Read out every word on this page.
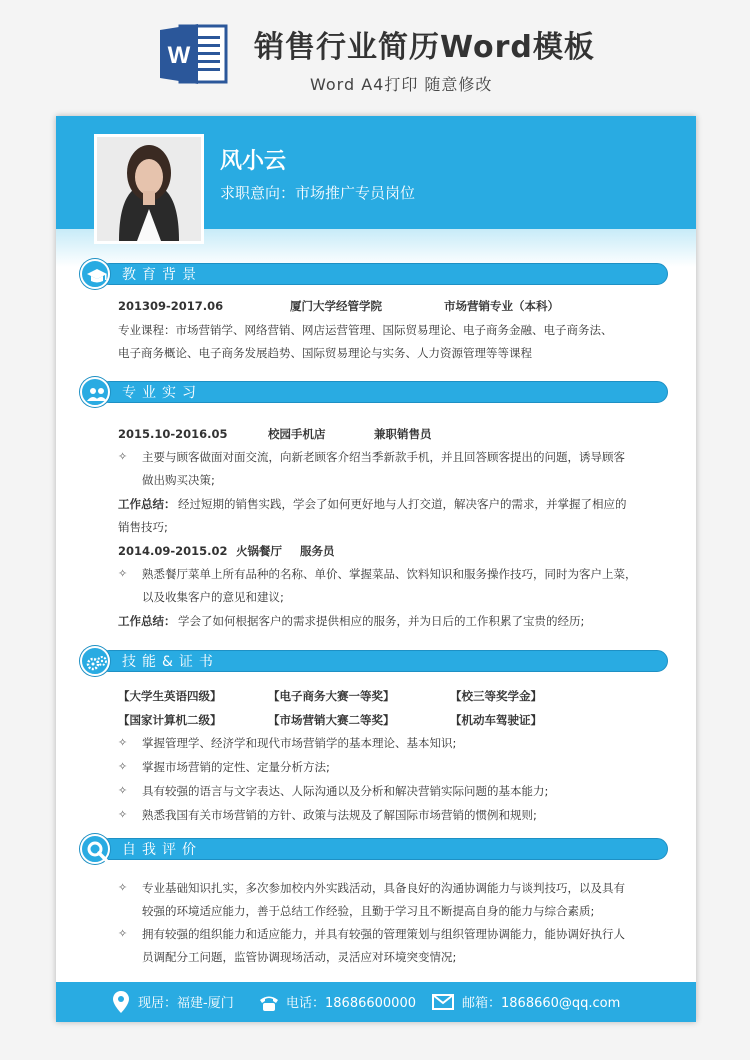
W 销售行业简历Word模板
Word A4打印 随意修改
风小云
求职意向：市场推广专员岗位
教育背景
201309-2017.06	厦门大学经管学院	市场营销专业（本科）
专业课程：市场营销学、网络营销、网店运营管理、国际贸易理论、电子商务金融、电子商务法、
电子商务概论、电子商务发展趋势、国际贸易理论与实务、人力资源管理等等课程
专业实习
2015.10-2016.05	校园手机店	兼职销售员
✧ 主要与顾客做面对面交流，向新老顾客介绍当季新款手机，并且回答顾客提出的问题，诱导顾客
做出购买决策;
工作总结： 经过短期的销售实践，学会了如何更好地与人打交道，解决客户的需求，并掌握了相应的
销售技巧;
2014.09-2015.02 火锅餐厅 服务员
✧ 熟悉餐厅菜单上所有品种的名称、单价、掌握菜品、饮料知识和服务操作技巧，同时为客户上菜，
以及收集客户的意见和建议;
工作总结： 学会了如何根据客户的需求提供相应的服务，并为日后的工作积累了宝贵的经历;
技能&证书
【大学生英语四级】	【电子商务大赛一等奖】	【校三等奖学金】
【国家计算机二级】	【市场营销大赛二等奖】	【机动车驾驶证】
✧ 掌握管理学、经济学和现代市场营销学的基本理论、基本知识;
✧ 掌握市场营销的定性、定量分析方法;
✧ 具有较强的语言与文字表达、人际沟通以及分析和解决营销实际问题的基本能力;
✧ 熟悉我国有关市场营销的方针、政策与法规及了解国际市场营销的惯例和规则;
自我评价
✧ 专业基础知识扎实，多次参加校内外实践活动，具备良好的沟通协调能力与谈判技巧，以及具有
较强的环境适应能力，善于总结工作经验，且勤于学习且不断提高自身的能力与综合素质;
✧ 拥有较强的组织能力和适应能力，并具有较强的管理策划与组织管理协调能力，能协调好执行人
员调配分工问题，监管协调现场活动，灵活应对环境突变情况;
现居：福建-厦门	电话：18686600000	邮箱：1868660@qq.com
